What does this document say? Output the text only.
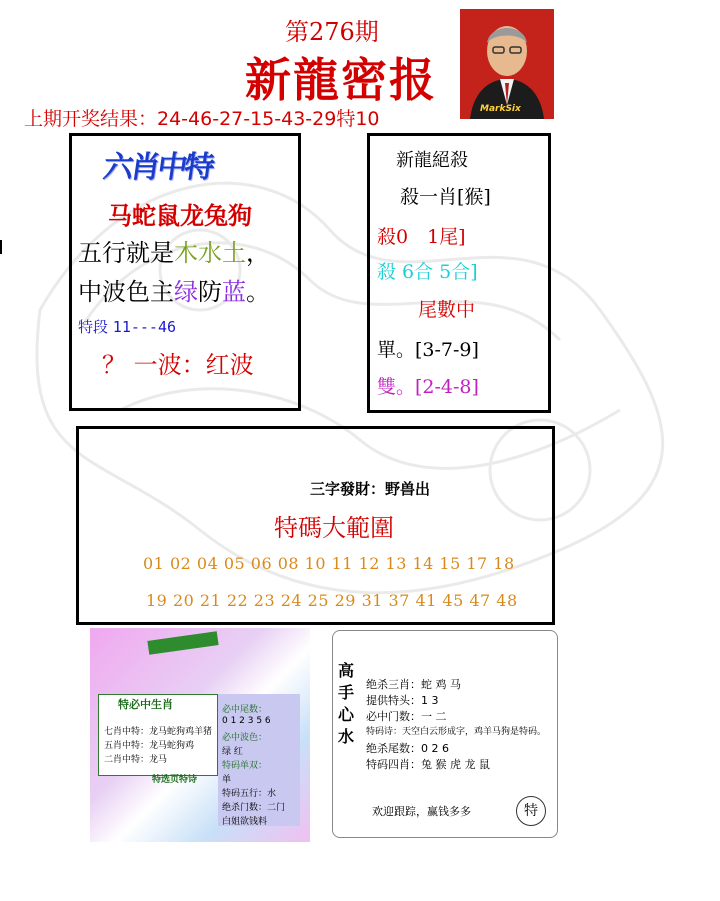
第276期
新龍密报
上期开奖结果：24-46-27-15-43-29特10	MarkSix
六肖中特
马蛇鼠龙兔狗
五行就是木水土，
中波色主绿防蓝。
特段 11---46
？ 一波：红波
新龍絕殺
殺一肖[猴]
殺0　1尾]
殺 6合 5合]
尾數中
單。[3-7-9]
雙。[2-4-8]
三字發財：野兽出
特碼大範圍
01 02 04 05 06 08 10 11 12 13 14 15 17 18
19 20 21 22 23 24 25 29 31 37 41 45 47 48
特必中生肖
七肖中特：龙马蛇狗鸡羊猪
五肖中特：龙马蛇狗鸡
二肖中特：龙马
必中尾数：
0 1 2 3 5 6
必中波色：
绿 红
特码单双：
单
特码五行：水
绝杀门数：二门
白姐欲钱料
特选页特诗
高手心水
绝杀三肖：蛇 鸡 马
提供特头：1 3
必中门数：一 二
特码诗：天空白云形成字，鸡羊马狗是特码。
绝杀尾数：0 2 6
特码四肖：兔 猴 虎 龙 鼠
欢迎跟踪，赢钱多多	特
